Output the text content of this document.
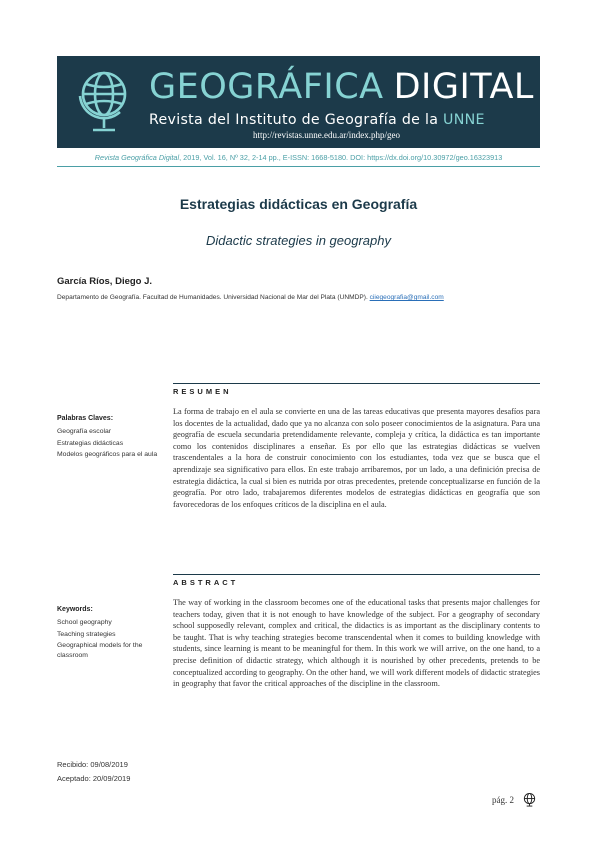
GEOGRÁFICA DIGITAL
Revista del Instituto de Geografía de la UNNE
http://revistas.unne.edu.ar/index.php/geo
Revista Geográfica Digital, 2019, Vol. 16, Nº 32, 2-14 pp., E-ISSN: 1668-5180. DOI: https://dx.doi.org/10.30972/geo.16323913
Estrategias didácticas en Geografía
Didactic strategies in geography
García Ríos, Diego J.
Departamento de Geografía. Facultad de Humanidades. Universidad Nacional de Mar del Plata (UNMDP). ciiegeografia@gmail.com
RESUMEN
Palabras Claves:
Geografía escolar
Estrategias didácticas
Modelos geográficos para el aula
La forma de trabajo en el aula se convierte en una de las tareas educativas que presenta mayores desafíos para los docentes de la actualidad, dado que ya no alcanza con solo poseer conocimientos de la asignatura. Para una geografía de escuela secundaria pretendidamente relevante, compleja y crítica, la didáctica es tan importante como los contenidos disciplinares a enseñar. Es por ello que las estrategias didácticas se vuelven trascendentales a la hora de construir conocimiento con los estudiantes, toda vez que se busca que el aprendizaje sea significativo para ellos. En este trabajo arribaremos, por un lado, a una definición precisa de estrategia didáctica, la cual si bien es nutrida por otras precedentes, pretende conceptualizarse en función de la geografía. Por otro lado, trabajaremos diferentes modelos de estrategias didácticas en geografía que son favorecedoras de los enfoques críticos de la disciplina en el aula.
ABSTRACT
Keywords:
School geography
Teaching strategies
Geographical models for the classroom
The way of working in the classroom becomes one of the educational tasks that presents major challenges for teachers today, given that it is not enough to have knowledge of the subject. For a geography of secondary school supposedly relevant, complex and critical, the didactics is as important as the disciplinary contents to be taught. That is why teaching strategies become transcendental when it comes to building knowledge with students, since learning is meant to be meaningful for them. In this work we will arrive, on the one hand, to a precise definition of didactic strategy, which although it is nourished by other precedents, pretends to be conceptualized according to geography. On the other hand, we will work different models of didactic strategies in geography that favor the critical approaches of the discipline in the classroom.
Recibido: 09/08/2019
Aceptado: 20/09/2019
pág. 2
